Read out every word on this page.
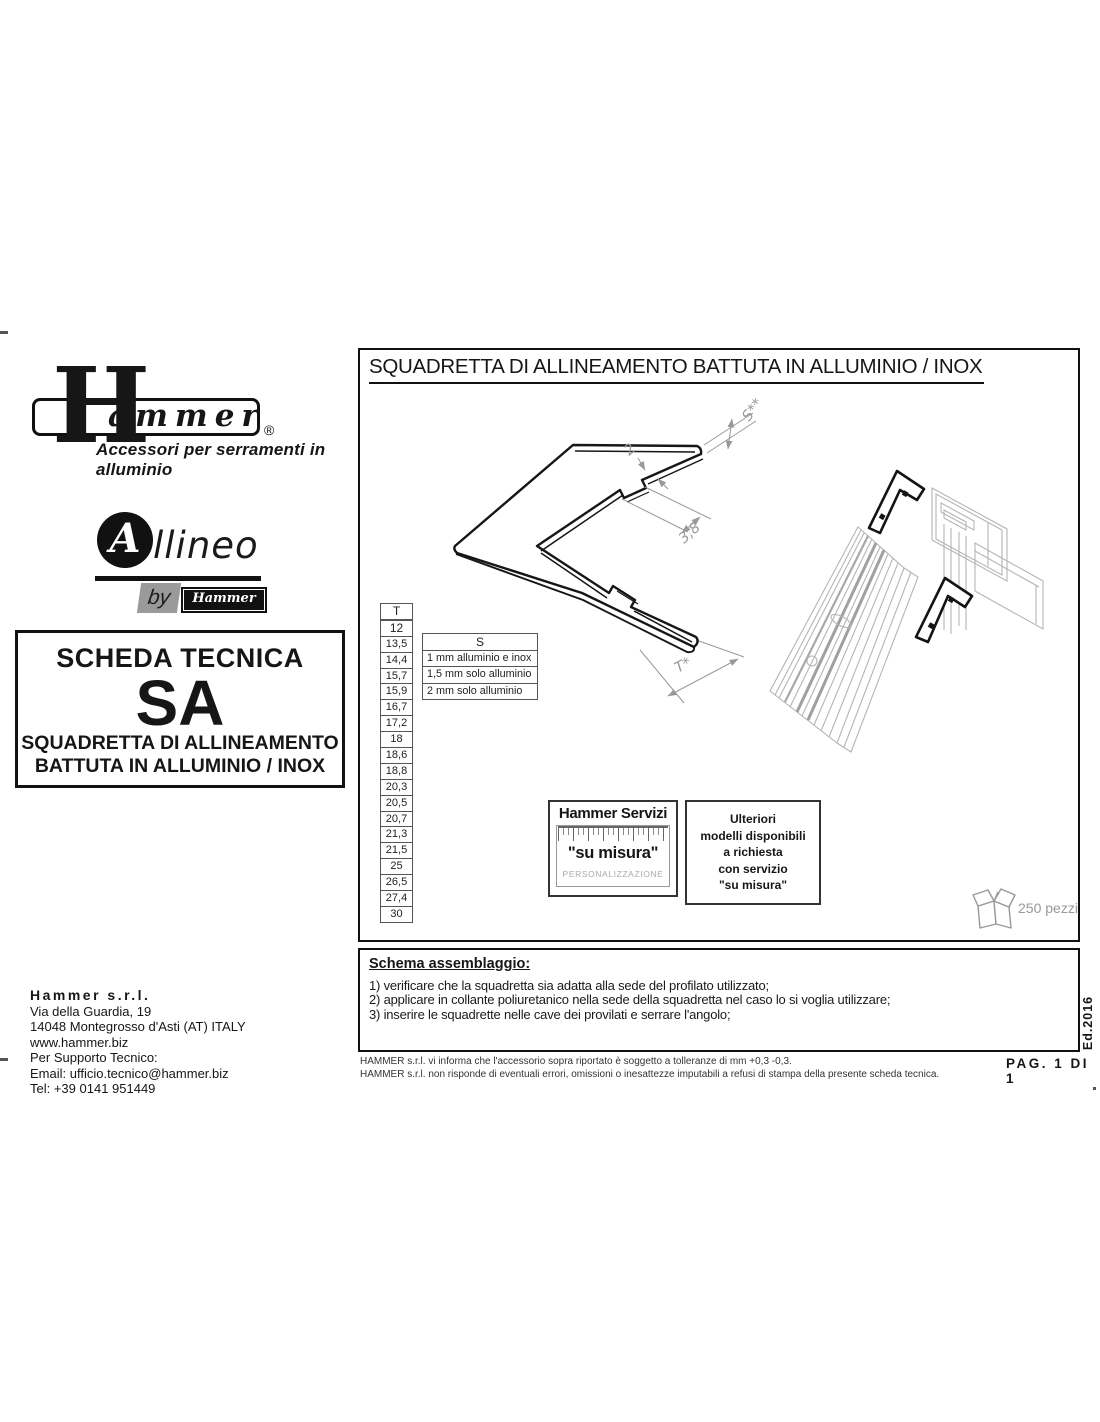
H
ammer ®
Accessori per serramenti in alluminio
A llineo
by	Hammer
SCHEDA TECNICA
SA
SQUADRETTA DI ALLINEAMENTO
BATTUTA IN ALLUMINIO / INOX
Hammer s.r.l.
Via della Guardia, 19
14048 Montegrosso d'Asti (AT) ITALY
www.hammer.biz
Per Supporto Tecnico:
Email: ufficio.tecnico@hammer.biz
Tel: +39 0141 951449
SQUADRETTA DI ALLINEAMENTO BATTUTA IN ALLUMINIO / INOX
S**
2
3,8
T*
T
12
13,5
14,4
15,7
15,9
16,7
17,2
18
18,6
18,8
20,3
20,5
20,7
21,3
21,5
25
26,5
27,4
30
S
1 mm alluminio e inox
1,5 mm solo alluminio
2 mm solo alluminio
Hammer Servizi
"su misura"
PERSONALIZZAZIONE
Ulteriori
modelli disponibili
a richiesta
con servizio
"su misura"
250 pezzi
Schema assemblaggio:
1) verificare che la squadretta sia adatta alla sede del profilato utilizzato;
2) applicare in collante poliuretanico nella sede della squadretta nel caso lo si voglia utilizzare;
3) inserire le squadrette nelle cave dei provilati e serrare l'angolo;	Ed.2016
HAMMER s.r.l. vi informa che l'accessorio sopra riportato è soggetto a tolleranze di mm +0,3 -0,3.
HAMMER s.r.l. non risponde di eventuali errori, omissioni o inesattezze imputabili a refusi di stampa della presente scheda tecnica.
PAG. 1 DI
1
